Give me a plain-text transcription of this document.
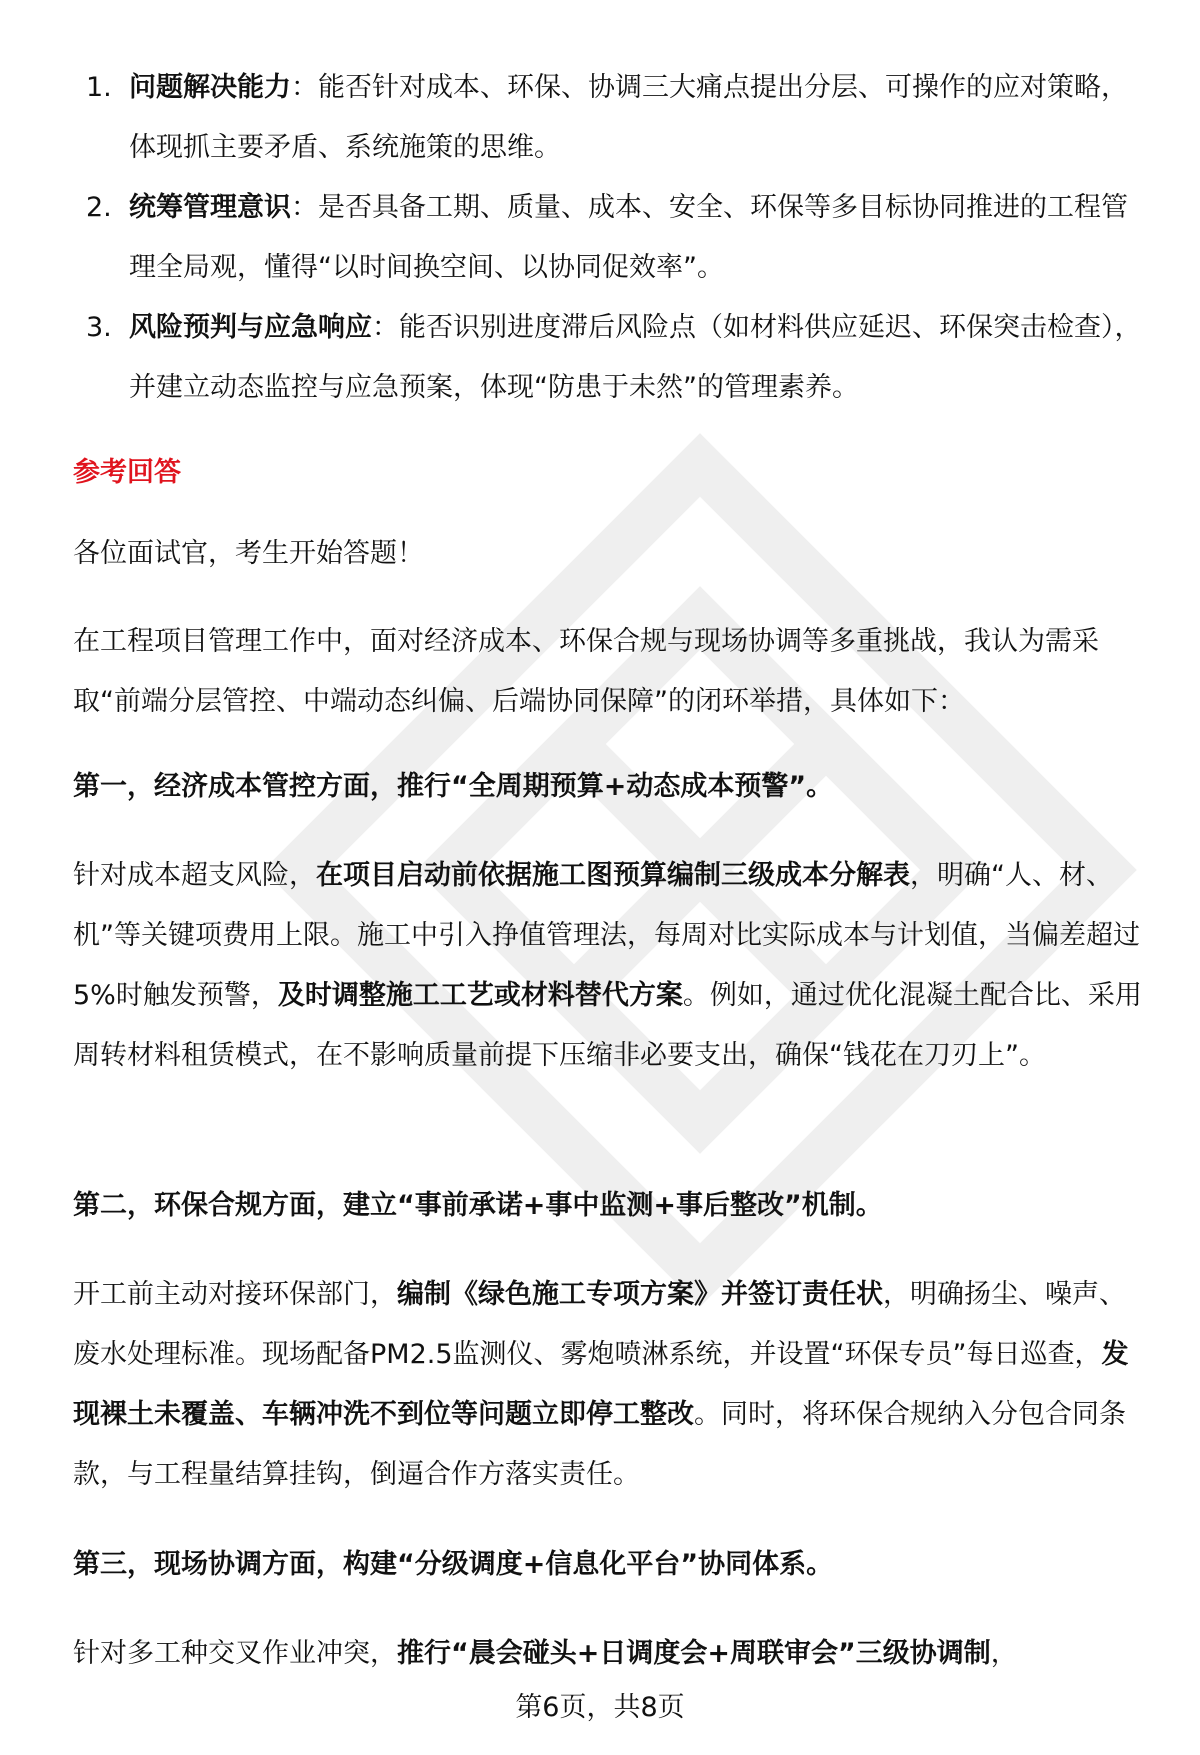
1. 问题解决能力：能否针对成本、环保、协调三大痛点提出分层、可操作的应对策略，体现抓主要矛盾、系统施策的思维。
2. 统筹管理意识：是否具备工期、质量、成本、安全、环保等多目标协同推进的工程管理全局观，懂得“以时间换空间、以协同促效率”。
3. 风险预判与应急响应：能否识别进度滞后风险点（如材料供应延迟、环保突击检查），并建立动态监控与应急预案，体现“防患于未然”的管理素养。

参考回答

各位面试官，考生开始答题！

在工程项目管理工作中，面对经济成本、环保合规与现场协调等多重挑战，我认为需采取“前端分层管控、中端动态纠偏、后端协同保障”的闭环举措，具体如下：

第一，经济成本管控方面，推行“全周期预算+动态成本预警”。

针对成本超支风险，在项目启动前依据施工图预算编制三级成本分解表，明确“人、材、机”等关键项费用上限。施工中引入挣值管理法，每周对比实际成本与计划值，当偏差超过5%时触发预警，及时调整施工工艺或材料替代方案。例如，通过优化混凝土配合比、采用周转材料租赁模式，在不影响质量前提下压缩非必要支出，确保“钱花在刀刃上”。

第二，环保合规方面，建立“事前承诺+事中监测+事后整改”机制。

开工前主动对接环保部门，编制《绿色施工专项方案》并签订责任状，明确扬尘、噪声、废水处理标准。现场配备PM2.5监测仪、雾炮喷淋系统，并设置“环保专员”每日巡查，发现裸土未覆盖、车辆冲洗不到位等问题立即停工整改。同时，将环保合规纳入分包合同条款，与工程量结算挂钩，倒逼合作方落实责任。

第三，现场协调方面，构建“分级调度+信息化平台”协同体系。

针对多工种交叉作业冲突，推行“晨会碰头+日调度会+周联审会”三级协调制，

第6页，共8页
